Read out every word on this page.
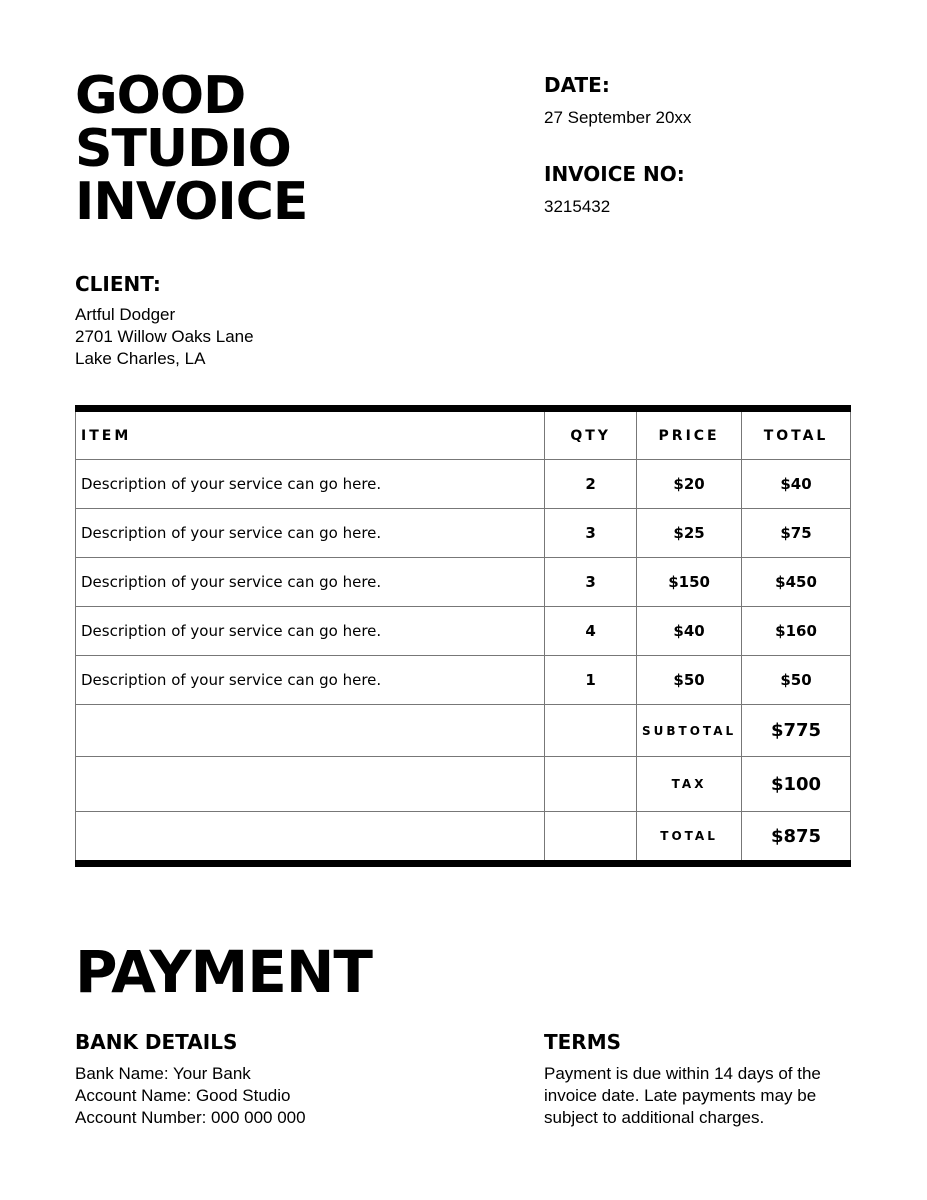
GOOD
STUDIO
INVOICE
DATE:
27 September 20xx
INVOICE NO:
3215432
CLIENT:
Artful Dodger
2701 Willow Oaks Lane
Lake Charles, LA
ITEM	QTY	PRICE	TOTAL
Description of your service can go here.	2	$20	$40
Description of your service can go here.	3	$25	$75
Description of your service can go here.	3	$150	$450
Description of your service can go here.	4	$40	$160
Description of your service can go here.	1	$50	$50
		SUBTOTAL	$775
		TAX	$100
		TOTAL	$875
PAYMENT
BANK DETAILS
Bank Name: Your Bank
Account Name: Good Studio
Account Number: 000 000 000
TERMS
Payment is due within 14 days of the invoice date. Late payments may be subject to additional charges.
